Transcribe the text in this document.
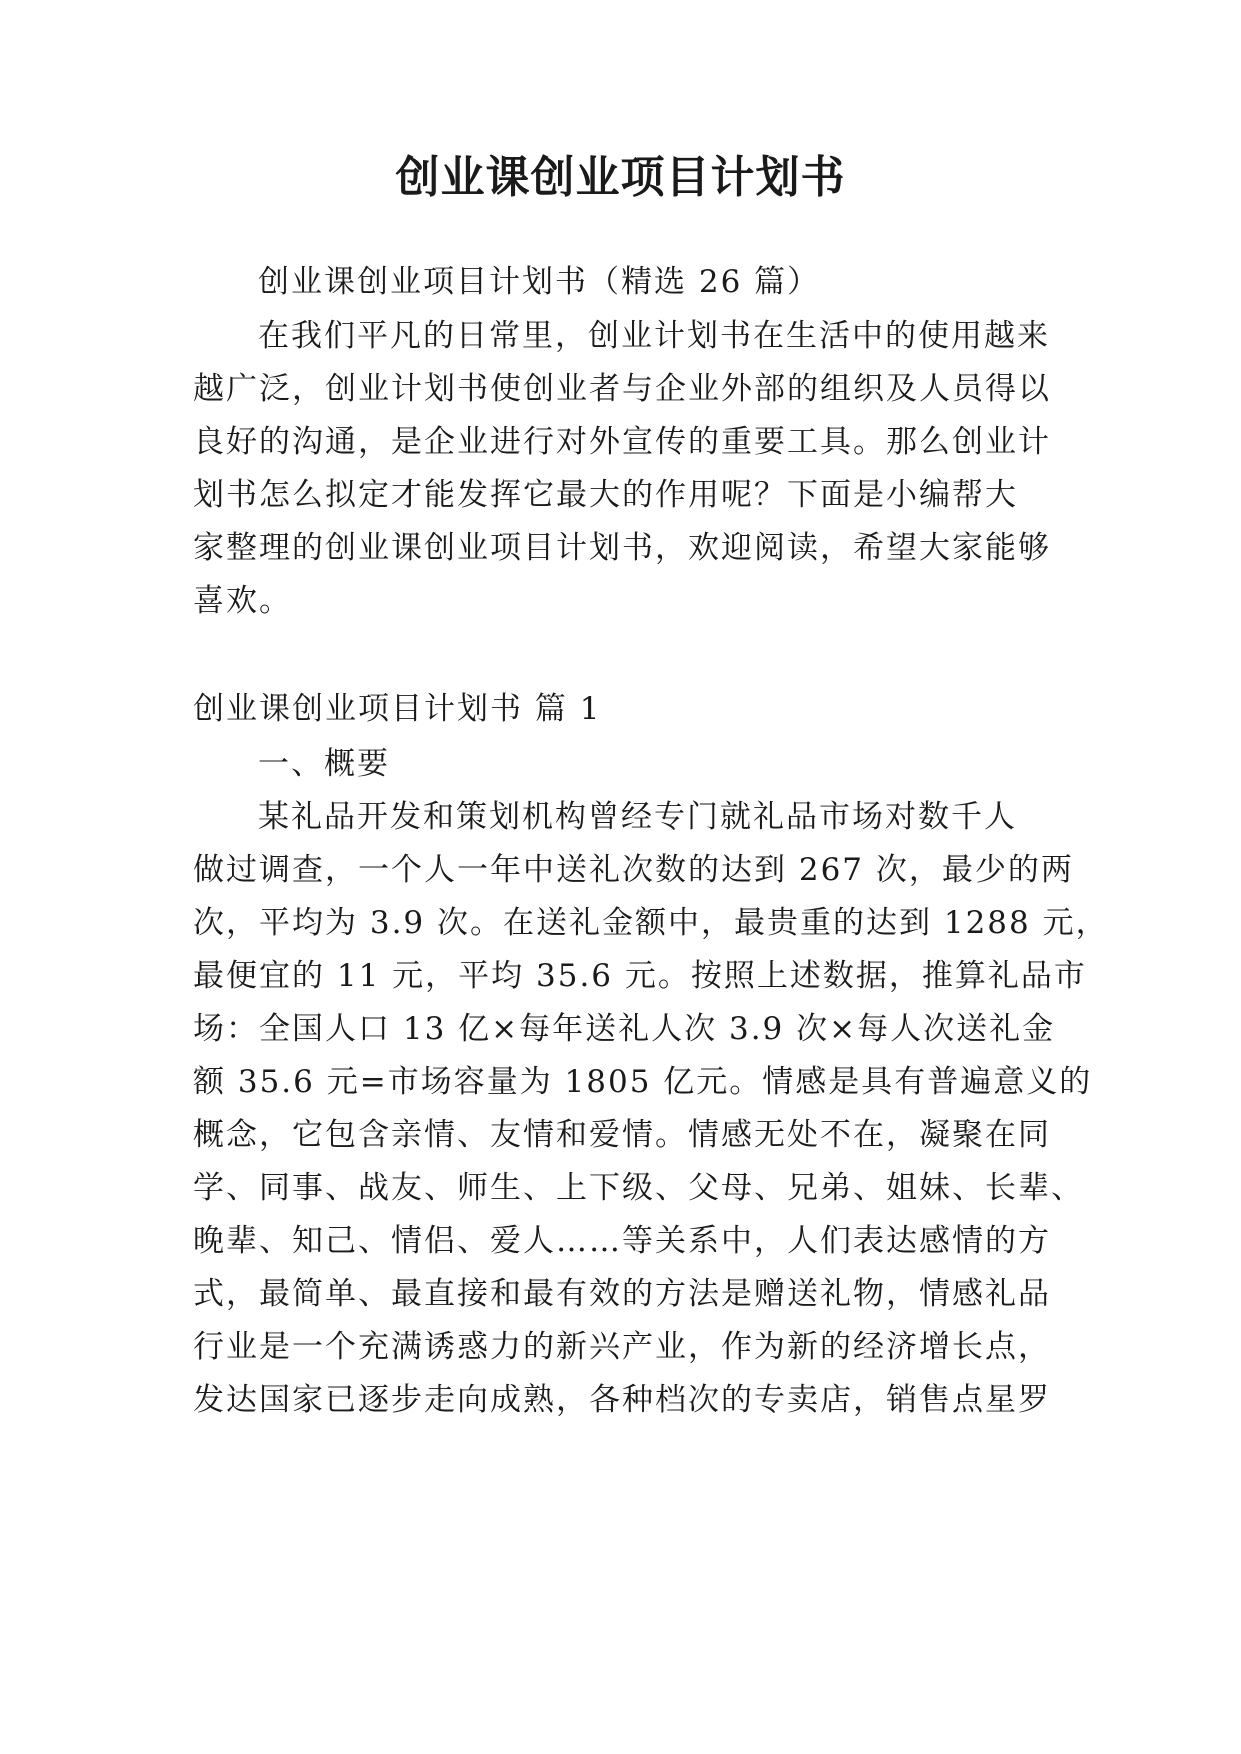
创业课创业项目计划书

创业课创业项目计划书（精选 26 篇）

在我们平凡的日常里，创业计划书在生活中的使用越来

越广泛，创业计划书使创业者与企业外部的组织及人员得以

良好的沟通，是企业进行对外宣传的重要工具。那么创业计

划书怎么拟定才能发挥它最大的作用呢？下面是小编帮大

家整理的创业课创业项目计划书，欢迎阅读，希望大家能够

喜欢。

创业课创业项目计划书 篇 1

一、概要

某礼品开发和策划机构曾经专门就礼品市场对数千人

做过调查，一个人一年中送礼次数的达到 267 次，最少的两

次，平均为 3.9 次。在送礼金额中，最贵重的达到 1288 元，

最便宜的 11 元，平均 35.6 元。按照上述数据，推算礼品市

场：全国人口 13 亿×每年送礼人次 3.9 次×每人次送礼金

额 35.6 元=市场容量为 1805 亿元。情感是具有普遍意义的

概念，它包含亲情、友情和爱情。情感无处不在，凝聚在同

学、同事、战友、师生、上下级、父母、兄弟、姐妹、长辈、

晚辈、知己、情侣、爱人……等关系中，人们表达感情的方

式，最简单、最直接和最有效的方法是赠送礼物，情感礼品

行业是一个充满诱惑力的新兴产业，作为新的经济增长点，

发达国家已逐步走向成熟，各种档次的专卖店，销售点星罗
